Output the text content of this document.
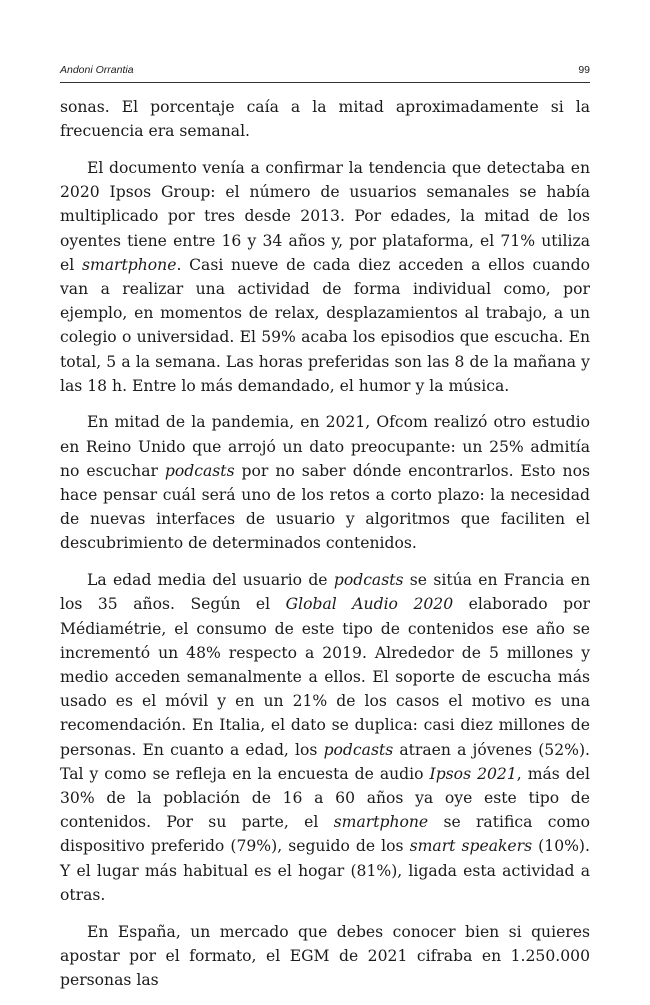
Andoni Orrantia	99

sonas. El porcentaje caía a la mitad aproximadamente si la frecuencia era semanal.

El documento venía a confirmar la tendencia que detectaba en 2020 Ipsos Group: el número de usuarios semanales se había multiplicado por tres desde 2013. Por edades, la mitad de los oyentes tiene entre 16 y 34 años y, por plataforma, el 71% utiliza el smartphone. Casi nueve de cada diez acceden a ellos cuando van a realizar una actividad de forma individual como, por ejemplo, en momentos de relax, desplazamientos al trabajo, a un colegio o universidad. El 59% acaba los episodios que escucha. En total, 5 a la semana. Las horas preferidas son las 8 de la mañana y las 18 h. Entre lo más demandado, el humor y la música.

En mitad de la pandemia, en 2021, Ofcom realizó otro estudio en Reino Unido que arrojó un dato preocupante: un 25% admitía no escuchar podcasts por no saber dónde encontrarlos. Esto nos hace pensar cuál será uno de los retos a corto plazo: la necesidad de nuevas interfaces de usuario y algoritmos que faciliten el descubrimiento de determinados contenidos.

La edad media del usuario de podcasts se sitúa en Francia en los 35 años. Según el Global Audio 2020 elaborado por Médiamétrie, el consumo de este tipo de contenidos ese año se incrementó un 48% respecto a 2019. Alrededor de 5 millones y medio acceden semanalmente a ellos. El soporte de escucha más usado es el móvil y en un 21% de los casos el motivo es una recomendación. En Italia, el dato se duplica: casi diez millones de personas. En cuanto a edad, los podcasts atraen a jóvenes (52%). Tal y como se refleja en la encuesta de audio Ipsos 2021, más del 30% de la población de 16 a 60 años ya oye este tipo de contenidos. Por su parte, el smartphone se ratifica como dispositivo preferido (79%), seguido de los smart speakers (10%). Y el lugar más habitual es el hogar (81%), ligada esta actividad a otras.

En España, un mercado que debes conocer bien si quieres apostar por el formato, el EGM de 2021 cifraba en 1.250.000 personas las
